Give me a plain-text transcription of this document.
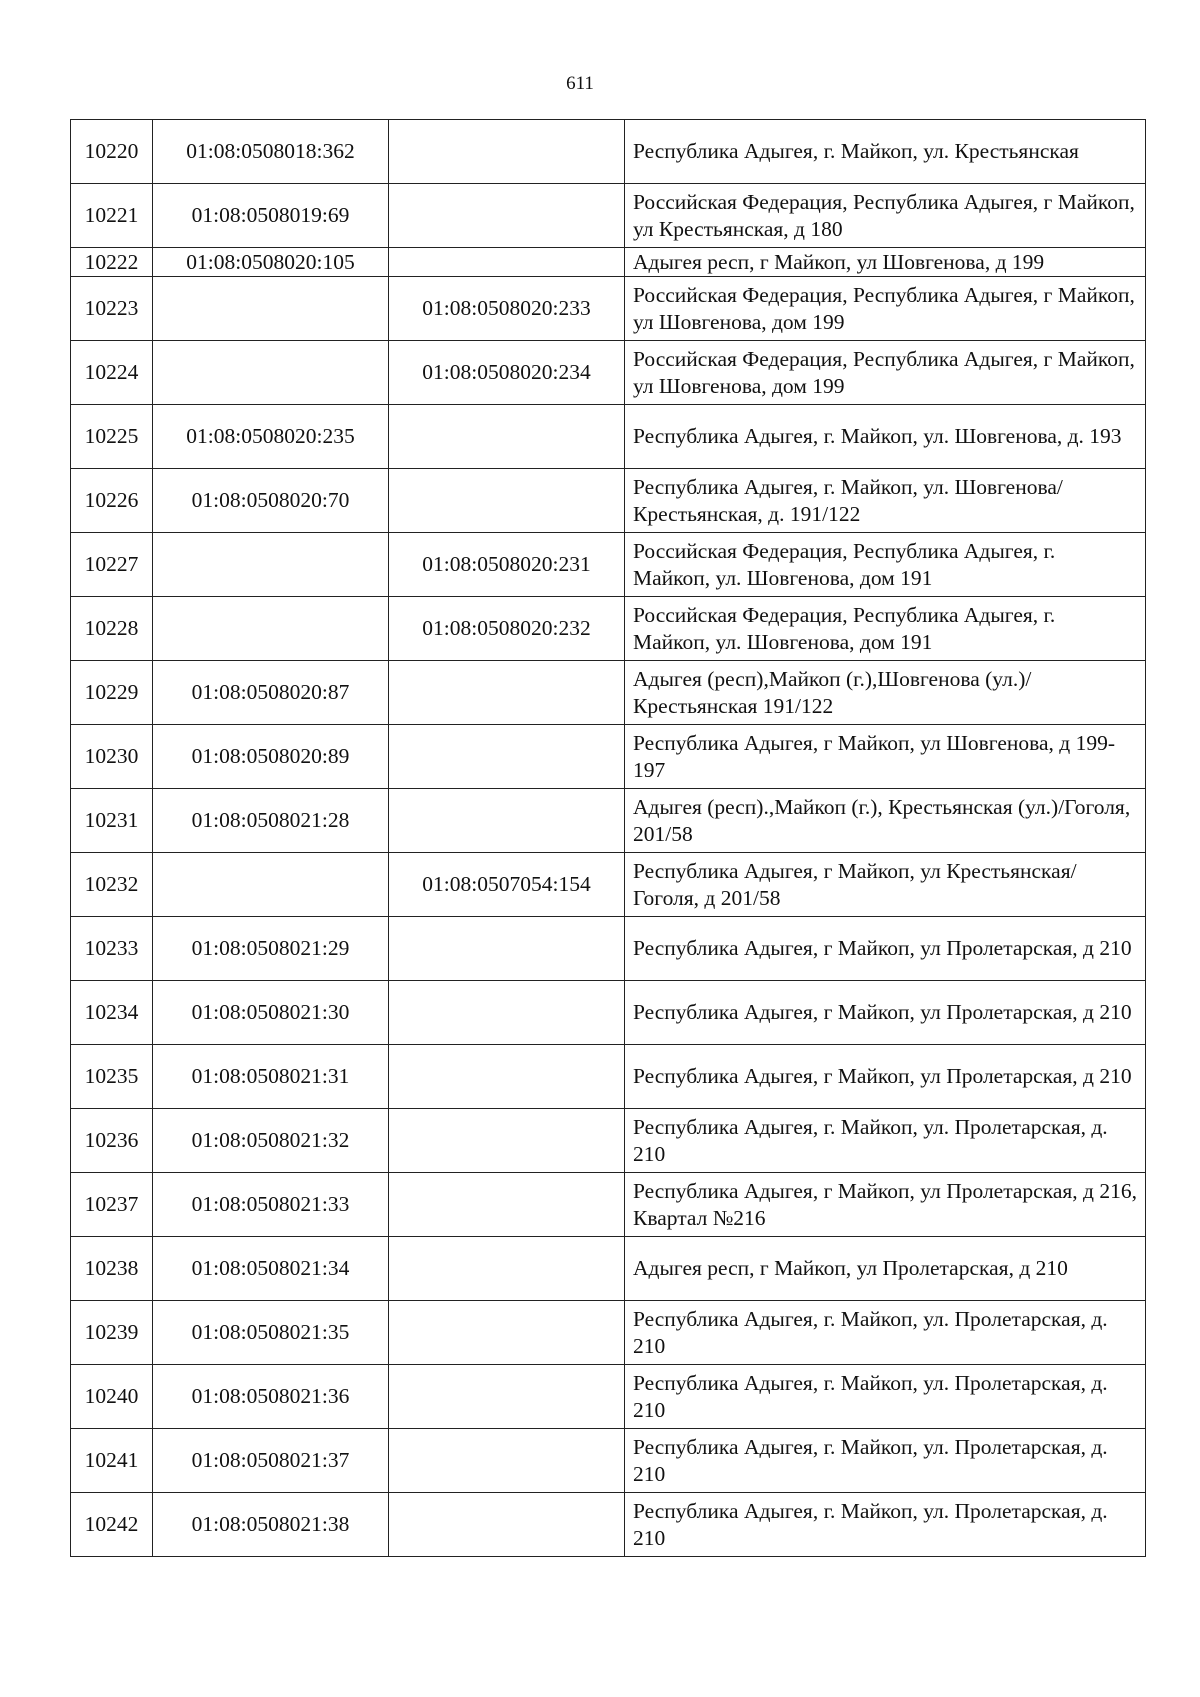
611
10220	01:08:0508018:362		Республика Адыгея, г. Майкоп, ул. Крестьянская
10221	01:08:0508019:69		Российская Федерация, Республика Адыгея, г Майкоп, ул Крестьянская, д 180
10222	01:08:0508020:105		Адыгея респ, г Майкоп, ул Шовгенова, д 199
10223		01:08:0508020:233	Российская Федерация, Республика Адыгея, г Майкоп, ул Шовгенова, дом 199
10224		01:08:0508020:234	Российская Федерация, Республика Адыгея, г Майкоп, ул Шовгенова, дом 199
10225	01:08:0508020:235		Республика Адыгея, г. Майкоп, ул. Шовгенова, д. 193
10226	01:08:0508020:70		Республика Адыгея, г. Майкоп, ул. Шовгенова/ Крестьянская, д. 191/122
10227		01:08:0508020:231	Российская Федерация, Республика Адыгея, г. Майкоп, ул. Шовгенова, дом 191
10228		01:08:0508020:232	Российская Федерация, Республика Адыгея, г. Майкоп, ул. Шовгенова, дом 191
10229	01:08:0508020:87		Адыгея (респ),Майкоп (г.),Шовгенова (ул.)/Крестьянская 191/122
10230	01:08:0508020:89		Республика Адыгея, г Майкоп, ул Шовгенова, д 199-197
10231	01:08:0508021:28		Адыгея (респ).,Майкоп (г.), Крестьянская (ул.)/Гоголя, 201/58
10232		01:08:0507054:154	Республика Адыгея, г Майкоп, ул Крестьянская/Гоголя, д 201/58
10233	01:08:0508021:29		Республика Адыгея, г Майкоп, ул Пролетарская, д 210
10234	01:08:0508021:30		Республика Адыгея, г Майкоп, ул Пролетарская, д 210
10235	01:08:0508021:31		Республика Адыгея, г Майкоп, ул Пролетарская, д 210
10236	01:08:0508021:32		Республика Адыгея, г. Майкоп, ул. Пролетарская, д. 210
10237	01:08:0508021:33		Республика Адыгея, г Майкоп, ул Пролетарская, д 216, Квартал №216
10238	01:08:0508021:34		Адыгея респ, г Майкоп, ул Пролетарская, д 210
10239	01:08:0508021:35		Республика Адыгея, г. Майкоп, ул. Пролетарская, д. 210
10240	01:08:0508021:36		Республика Адыгея, г. Майкоп, ул. Пролетарская, д. 210
10241	01:08:0508021:37		Республика Адыгея, г. Майкоп, ул. Пролетарская, д. 210
10242	01:08:0508021:38		Республика Адыгея, г. Майкоп, ул. Пролетарская, д. 210
